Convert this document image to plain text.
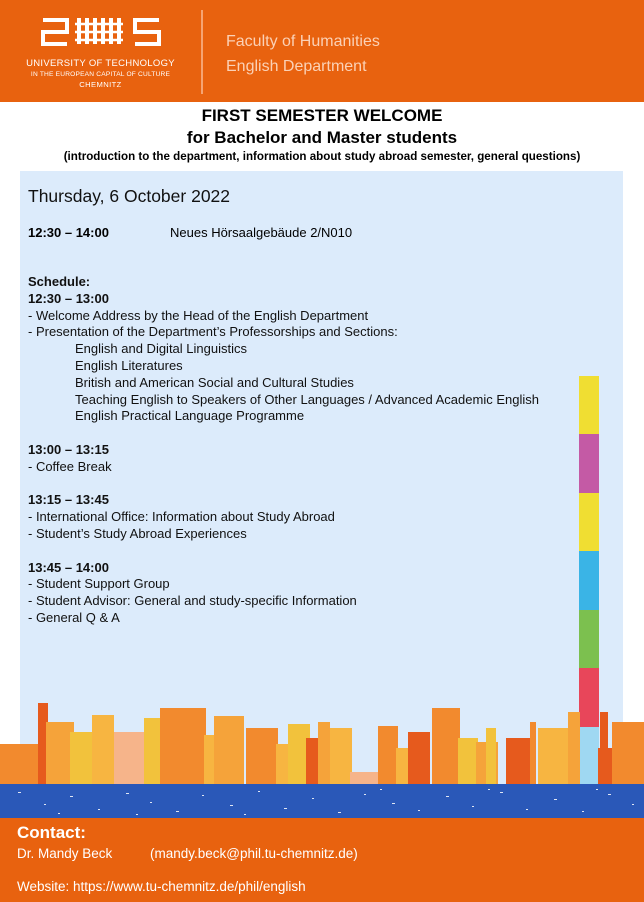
UNIVERSITY OF TECHNOLOGY
IN THE EUROPEAN CAPITAL OF CULTURE
CHEMNITZ
Faculty of Humanities
English Department
FIRST SEMESTER WELCOME
for Bachelor and Master students
(introduction to the department, information about study abroad semester, general questions)
Thursday, 6 October 2022
12:30 – 14:00	Neues Hörsaalgebäude 2/N010
Schedule:
12:30 – 13:00
- Welcome Address by the Head of the English Department
- Presentation of the Department’s Professorships and Sections:
English and Digital Linguistics
English Literatures
British and American Social and Cultural Studies
Teaching English to Speakers of Other Languages / Advanced Academic English
English Practical Language Programme
13:00 – 13:15
- Coffee Break
13:15 – 13:45
- International Office: Information about Study Abroad
- Student’s Study Abroad Experiences
13:45 – 14:00
- Student Support Group
- Student Advisor: General and study-specific Information
- General Q & A
Contact:
Dr. Mandy Beck	(mandy.beck@phil.tu-chemnitz.de)
Website: https://www.tu-chemnitz.de/phil/english
